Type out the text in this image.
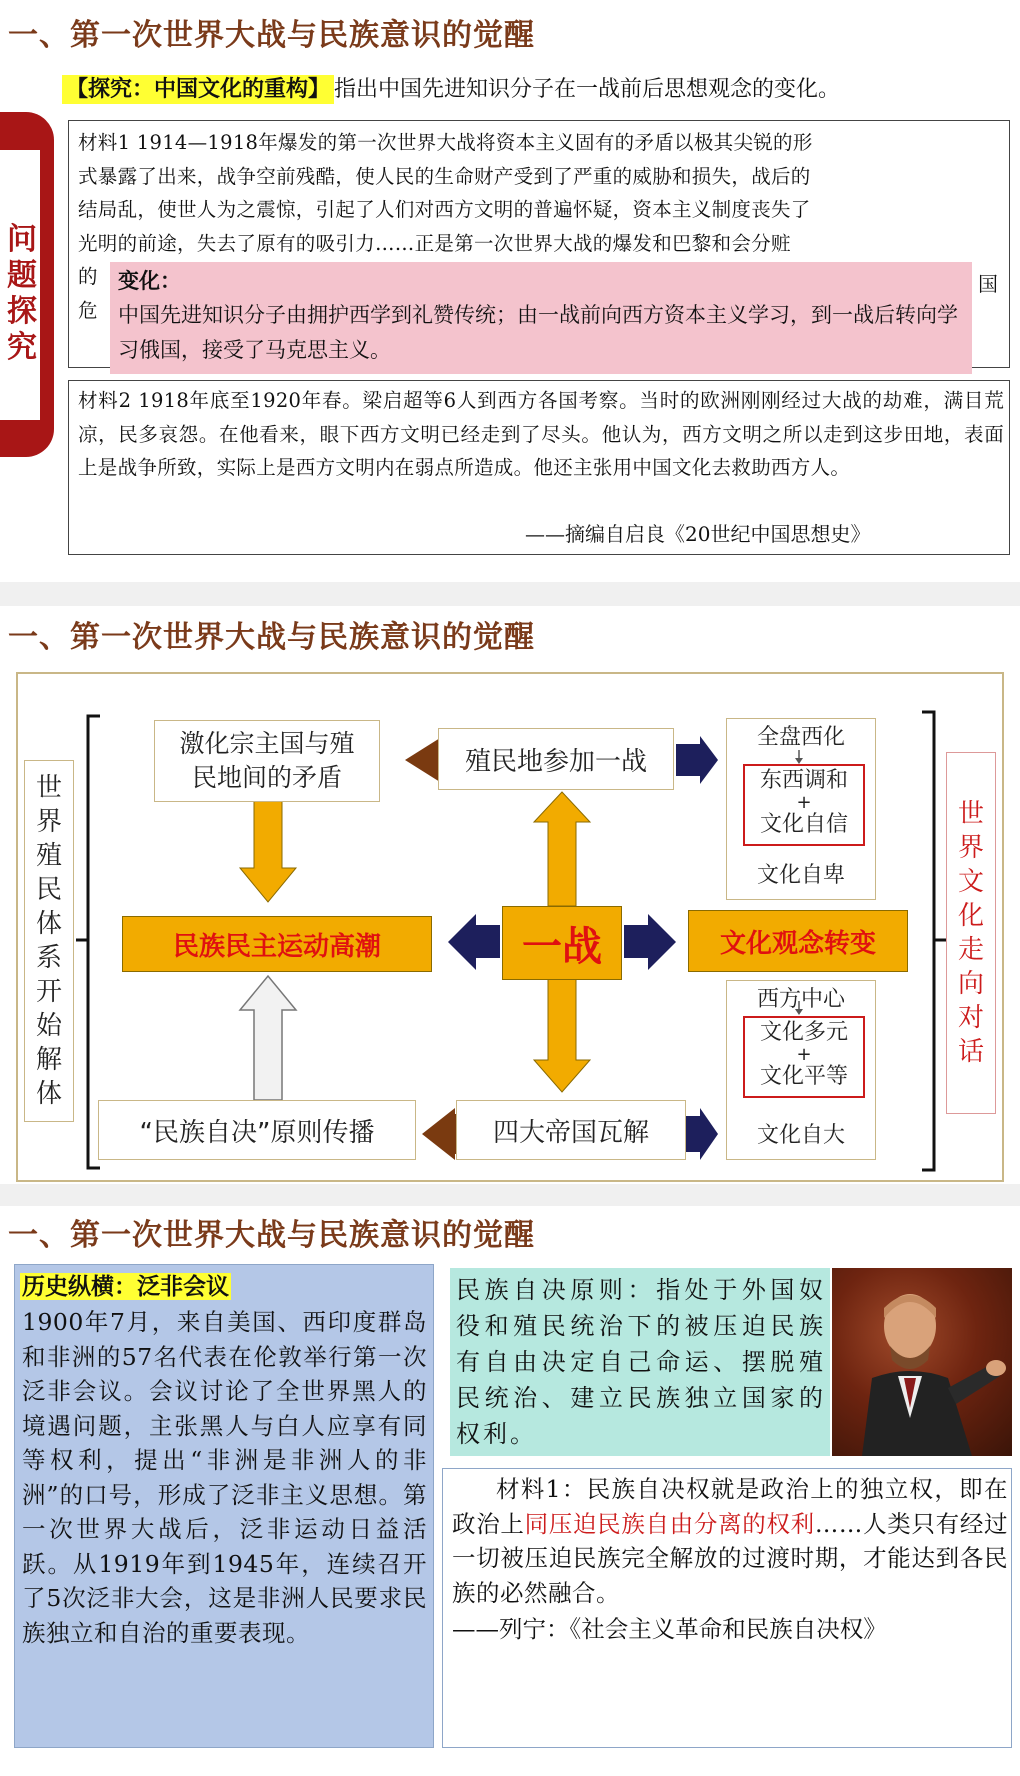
一、第一次世界大战与民族意识的觉醒
【探究：中国文化的重构】 指出中国先进知识分子在一战前后思想观念的变化。
问
题
探
究
材料1 1914—1918年爆发的第一次世界大战将资本主义固有的矛盾以极其尖锐的形
式暴露了出来，战争空前残酷，使人民的生命财产受到了严重的威胁和损失，战后的
结局乱，使世人为之震惊，引起了人们对西方文明的普遍怀疑，资本主义制度丧失了
光明的前途，失去了原有的吸引力……正是第一次世界大战的爆发和巴黎和会分赃
的
危
国
变化：
中国先进知识分子由拥护西学到礼赞传统；由一战前向西方资本主义学习，到一战后转向学习俄国，接受了马克思主义。
材料2 1918年底至1920年春。梁启超等6人到西方各国考察。当时的欧洲刚刚经过大战的劫难，满目荒凉，民多哀怨。在他看来，眼下西方文明已经走到了尽头。他认为，西方文明之所以走到这步田地，表面上是战争所致，实际上是西方文明内在弱点所造成。他还主张用中国文化去救助西方人。
——摘编自启良《20世纪中国思想史》
一、第一次世界大战与民族意识的觉醒
世
界
殖
民
体
系
开
始
解
体
世
界
文
化
走
向
对
话
激化宗主国与殖民地间的矛盾
殖民地参加一战
一战
民族民主运动高潮	文化观念转变
“民族自决”原则传播	四大帝国瓦解
全盘西化
东西调和
+
文化自信
文化自卑
西方中心
文化多元
+
文化平等
文化自大
一、第一次世界大战与民族意识的觉醒
历史纵横：泛非会议
1900年7月，来自美国、西印度群岛和非洲的57名代表在伦敦举行第一次泛非会议。会议讨论了全世界黑人的境遇问题，主张黑人与白人应享有同等权利，提出“非洲是非洲人的非洲”的口号，形成了泛非主义思想。第一次世界大战后，泛非运动日益活跃。从1919年到1945年，连续召开了5次泛非大会，这是非洲人民要求民族独立和自治的重要表现。
民族自决原则：指处于外国奴役和殖民统治下的被压迫民族有自由决定自己命运、摆脱殖民统治、建立民族独立国家的权利。
材料1：民族自决权就是政治上的独立权，即在政治上同压迫民族自由分离的权利……人类只有经过一切被压迫民族完全解放的过渡时期，才能达到各民族的必然融合。
——列宁：《社会主义革命和民族自决权》
